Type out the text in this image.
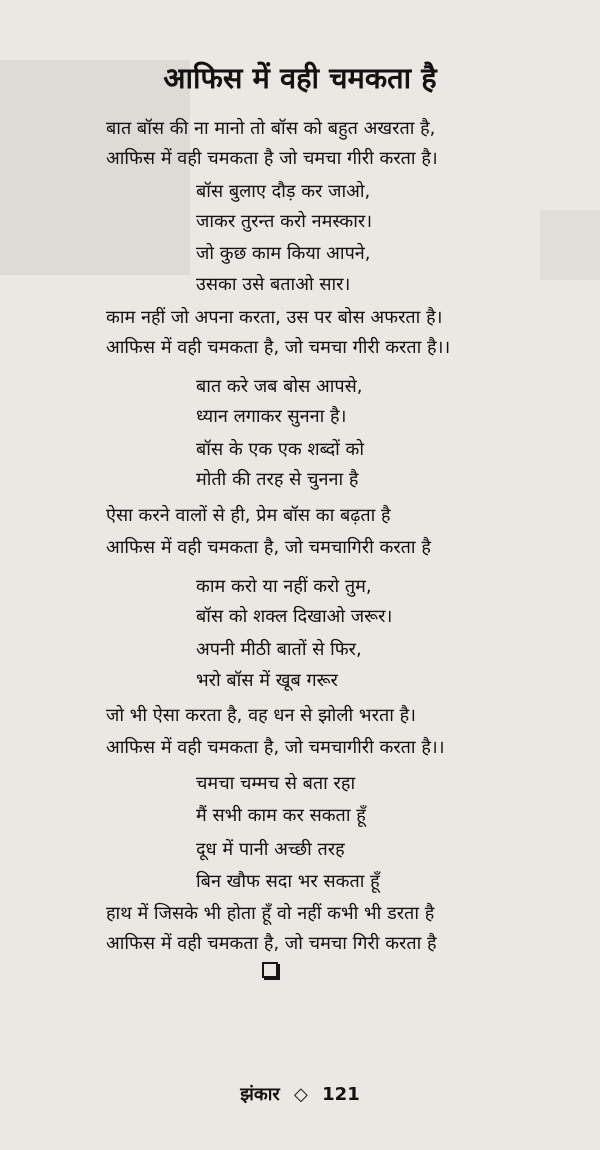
आफिस में वही चमकता है
बात बॉस की ना मानो तो बॉस को बहुत अखरता है,
आफिस में वही चमकता है जो चमचा गीरी करता है।
बॉस बुलाए दौड़ कर जाओ,
जाकर तुरन्त करो नमस्कार।
जो कुछ काम किया आपने,
उसका उसे बताओ सार।
काम नहीं जो अपना करता, उस पर बोस अफरता है।
आफिस में वही चमकता है, जो चमचा गीरी करता है।।
बात करे जब बोस आपसे,
ध्यान लगाकर सुनना है।
बॉस के एक एक शब्दों को
मोती की तरह से चुनना है
ऐसा करने वालों से ही, प्रेम बॉस का बढ़ता है
आफिस में वही चमकता है, जो चमचागिरी करता है
काम करो या नहीं करो तुम,
बॉस को शक्ल दिखाओ जरूर।
अपनी मीठी बातों से फिर,
भरो बॉस में खूब गरूर
जो भी ऐसा करता है, वह धन से झोली भरता है।
आफिस में वही चमकता है, जो चमचागीरी करता है।।
चमचा चम्मच से बता रहा
मैं सभी काम कर सकता हूँ
दूध में पानी अच्छी तरह
बिन खौफ सदा भर सकता हूँ
हाथ में जिसके भी होता हूँ वो नहीं कभी भी डरता है
आफिस में वही चमकता है, जो चमचा गिरी करता है
झंकार ◇ 121
